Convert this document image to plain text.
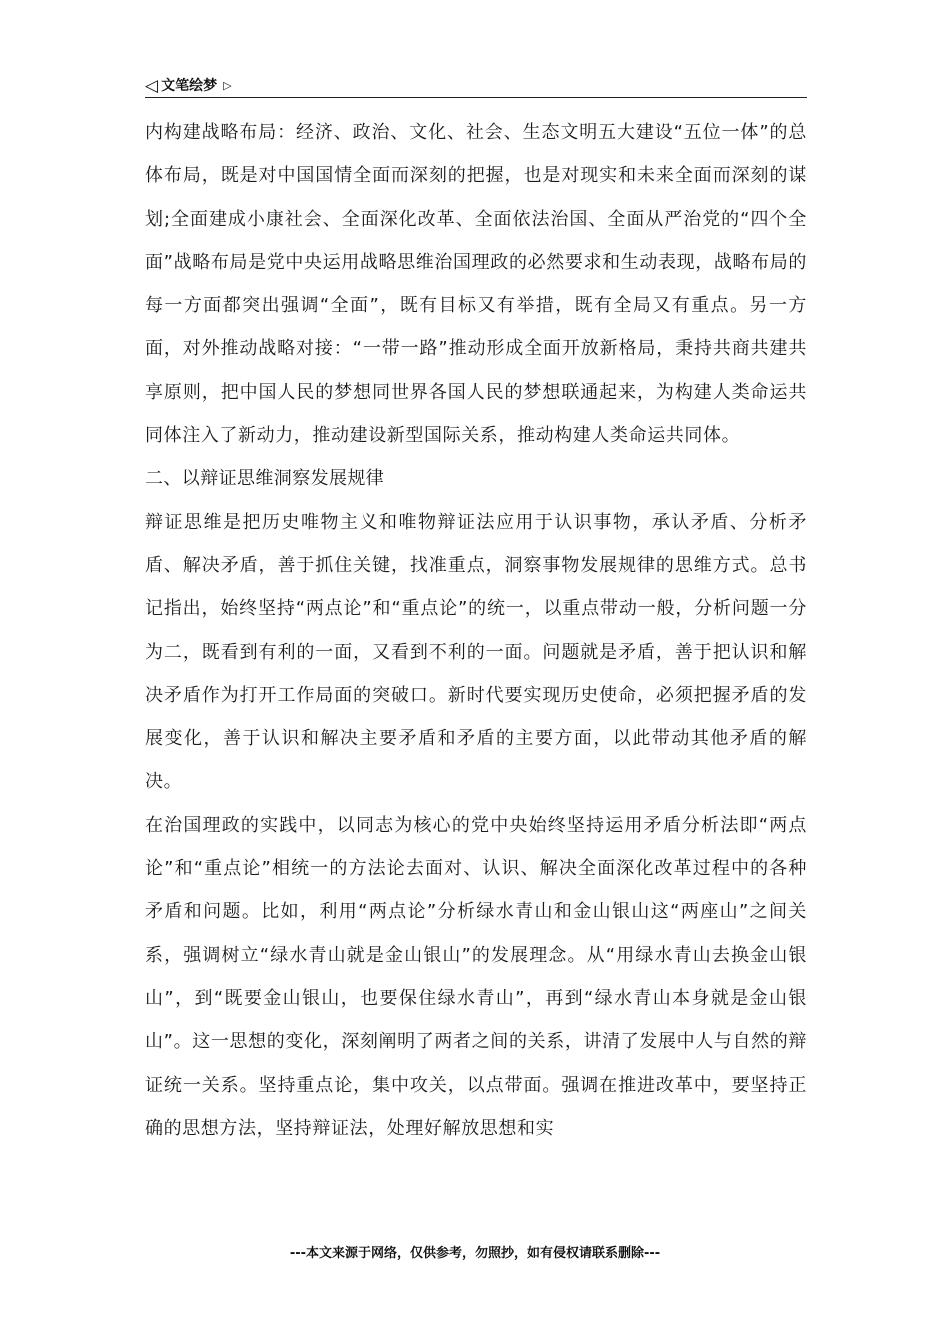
◁ 文笔绘梦 ▷

内构建战略布局：经济、政治、文化、社会、生态文明五大建设“五位一体”的总体布局，既是对中国国情全面而深刻的把握，也是对现实和未来全面而深刻的谋划;全面建成小康社会、全面深化改革、全面依法治国、全面从严治党的“四个全面”战略布局是党中央运用战略思维治国理政的必然要求和生动表现，战略布局的每一方面都突出强调“全面”，既有目标又有举措，既有全局又有重点。另一方面，对外推动战略对接：“一带一路”推动形成全面开放新格局，秉持共商共建共享原则，把中国人民的梦想同世界各国人民的梦想联通起来，为构建人类命运共同体注入了新动力，推动建设新型国际关系，推动构建人类命运共同体。

二、以辩证思维洞察发展规律

辩证思维是把历史唯物主义和唯物辩证法应用于认识事物，承认矛盾、分析矛盾、解决矛盾，善于抓住关键，找准重点，洞察事物发展规律的思维方式。总书记指出，始终坚持“两点论”和“重点论”的统一，以重点带动一般，分析问题一分为二，既看到有利的一面，又看到不利的一面。问题就是矛盾，善于把认识和解决矛盾作为打开工作局面的突破口。新时代要实现历史使命，必须把握矛盾的发展变化，善于认识和解决主要矛盾和矛盾的主要方面，以此带动其他矛盾的解决。

在治国理政的实践中，以同志为核心的党中央始终坚持运用矛盾分析法即“两点论”和“重点论”相统一的方法论去面对、认识、解决全面深化改革过程中的各种矛盾和问题。比如，利用“两点论”分析绿水青山和金山银山这“两座山”之间关系，强调树立“绿水青山就是金山银山”的发展理念。从“用绿水青山去换金山银山”，到“既要金山银山，也要保住绿水青山”，再到“绿水青山本身就是金山银山”。这一思想的变化，深刻阐明了两者之间的关系，讲清了发展中人与自然的辩证统一关系。坚持重点论，集中攻关，以点带面。强调在推进改革中，要坚持正确的思想方法，坚持辩证法，处理好解放思想和实

---本文来源于网络，仅供参考，勿照抄，如有侵权请联系删除---
